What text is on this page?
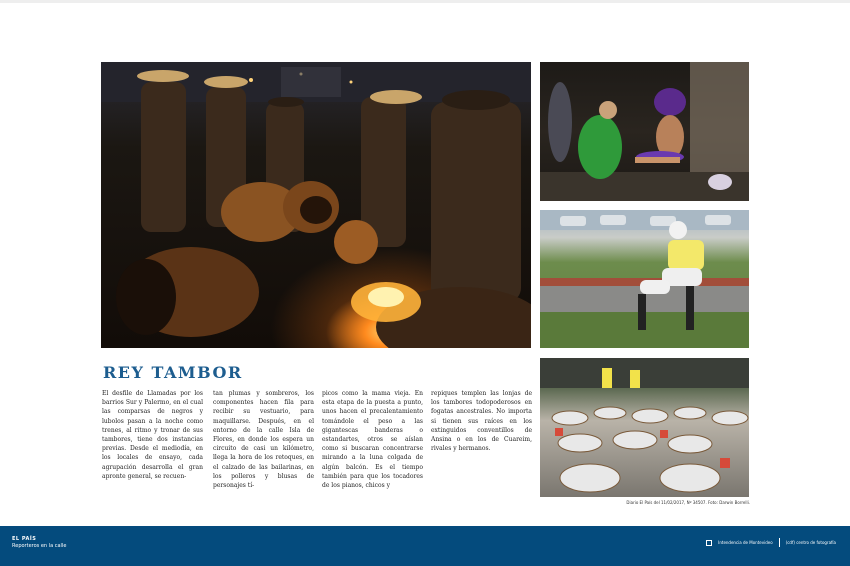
REY TAMBOR

El desfile de Llamadas por los barrios Sur y Palermo, en el cual las comparsas de negros y lubolos pasan a la noche como trenes, al ritmo y tronar de sus tambores, tiene dos instancias previas. Desde el mediodía, en los locales de ensayo, cada agrupación desarrolla el gran apronte general, se recuen-

tan plumas y sombreros, los componentes hacen fila para recibir su vestuario, para maquillarse. Después, en el entorno de la calle Isla de Flores, en donde los espera un circuito de casi un kilómetro, llega la hora de los retoques, en el calzado de las bailarinas, en los polleros y blusas de personajes tí-

picos como la mama vieja. En esta etapa de la puesta a punto, unos hacen el precalentamiento tomándole el peso a las gigantescas banderas o estandartes, otros se aíslan como si buscaran concentrarse mirando a la luna colgada de algún balcón. Es el tiempo también para que los tocadores de los pianos, chicos y

repiques templen las lonjas de los tambores todopoderosos en fogatas ancestrales. No importa si tienen sus raíces en los extinguidos conventillos de Ansina o en los de Cuareim, rivales y hermanos.

Diario El País del 11/02/2017, Nº 34507. Foto: Darwin Borrelli.
EL PAÍS
Reporteros en la calle
Intendencia de Montevideo	(cdf) centro de fotografía
